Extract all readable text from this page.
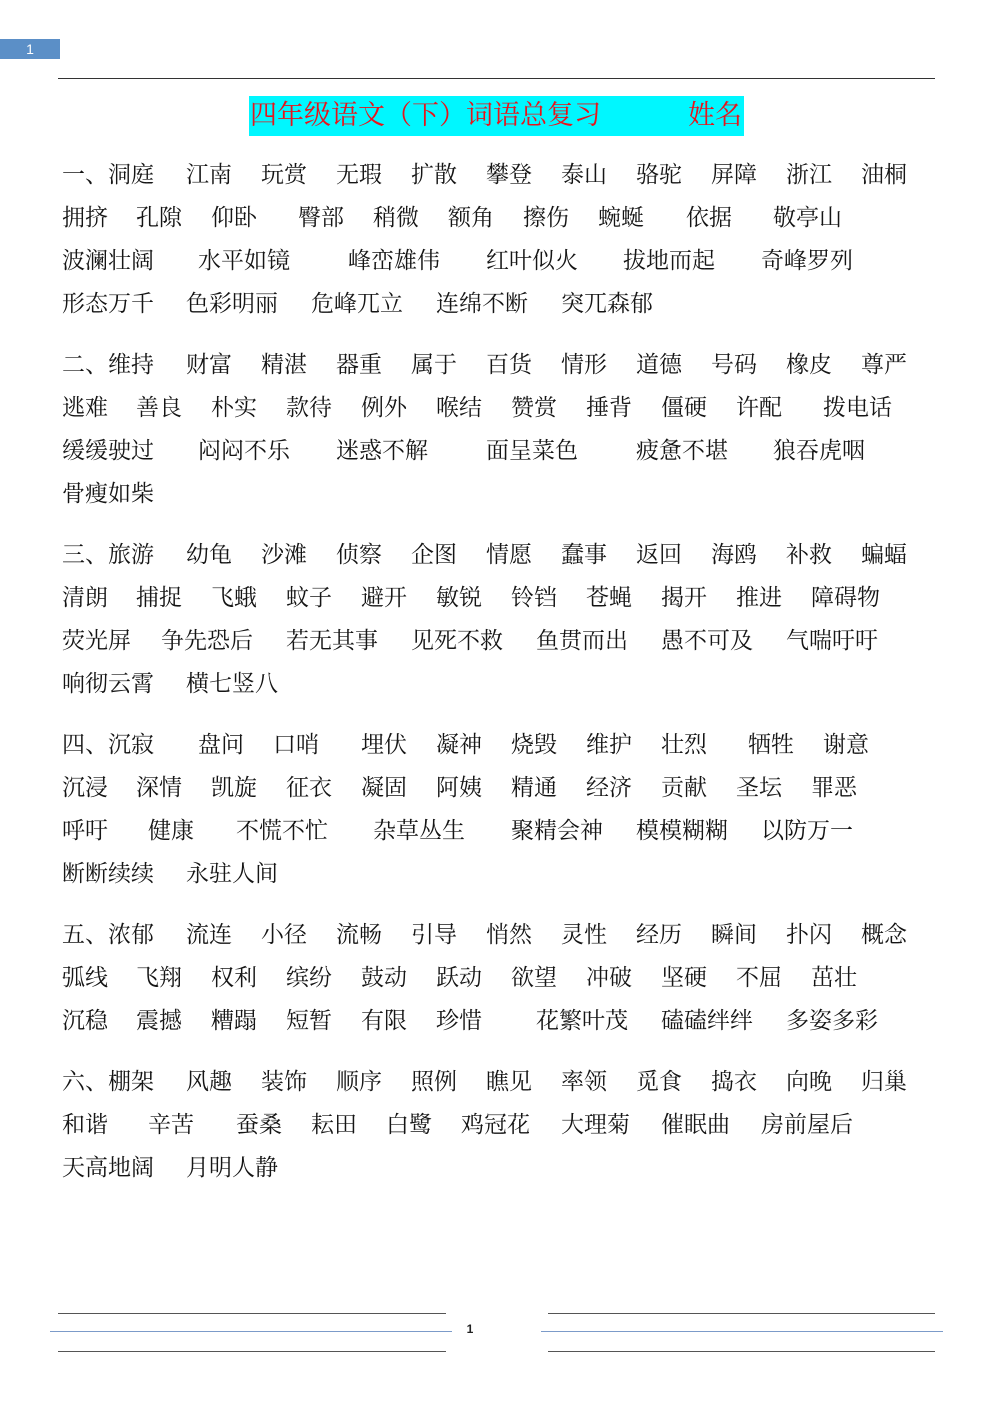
1
四年级语文（下）词语总复习	姓名
一、洞庭 江南 玩赏 无瑕 扩散 攀登 泰山 骆驼 屏障 浙江 油桐
拥挤 孔隙 仰卧 臀部 稍微 额角 擦伤 蜿蜒 依据 敬亭山
波澜壮阔 水平如镜	峰峦雄伟 红叶似火 拔地而起 奇峰罗列
形态万千 色彩明丽 危峰兀立 连绵不断 突兀森郁
二、维持 财富 精湛 器重 属于 百货 情形 道德 号码 橡皮 尊严
逃难 善良 朴实 款待 例外 喉结 赞赏 捶背 僵硬 许配 拨电话
缓缓驶过 闷闷不乐 迷惑不解	面呈菜色	疲惫不堪 狼吞虎咽
骨瘦如柴
三、旅游 幼龟 沙滩 侦察 企图 情愿 蠢事 返回 海鸥 补救 蝙蝠
清朗 捕捉 飞蛾 蚊子 避开 敏锐 铃铛 苍蝇 揭开 推进 障碍物
荧光屏 争先恐后 若无其事 见死不救 鱼贯而出 愚不可及 气喘吁吁
响彻云霄 横七竖八
四、沉寂 盘问 口哨 埋伏 凝神 烧毁 维护 壮烈 牺牲 谢意
沉浸 深情 凯旋 征衣 凝固 阿姨 精通 经济 贡献 圣坛 罪恶
呼吁 健康 不慌不忙 杂草丛生 聚精会神 模模糊糊 以防万一
断断续续 永驻人间
五、浓郁 流连 小径 流畅 引导 悄然 灵性 经历 瞬间 扑闪 概念
弧线 飞翔 权利 缤纷 鼓动 跃动 欲望 冲破 坚硬 不屈 茁壮
沉稳 震撼 糟蹋 短暂 有限 珍惜 花繁叶茂 磕磕绊绊 多姿多彩
六、棚架 风趣 装饰 顺序 照例 瞧见 率领 觅食 捣衣 向晚 归巢
和谐 辛苦 蚕桑 耘田 白鹭 鸡冠花 大理菊 催眠曲 房前屋后
天高地阔 月明人静
1
